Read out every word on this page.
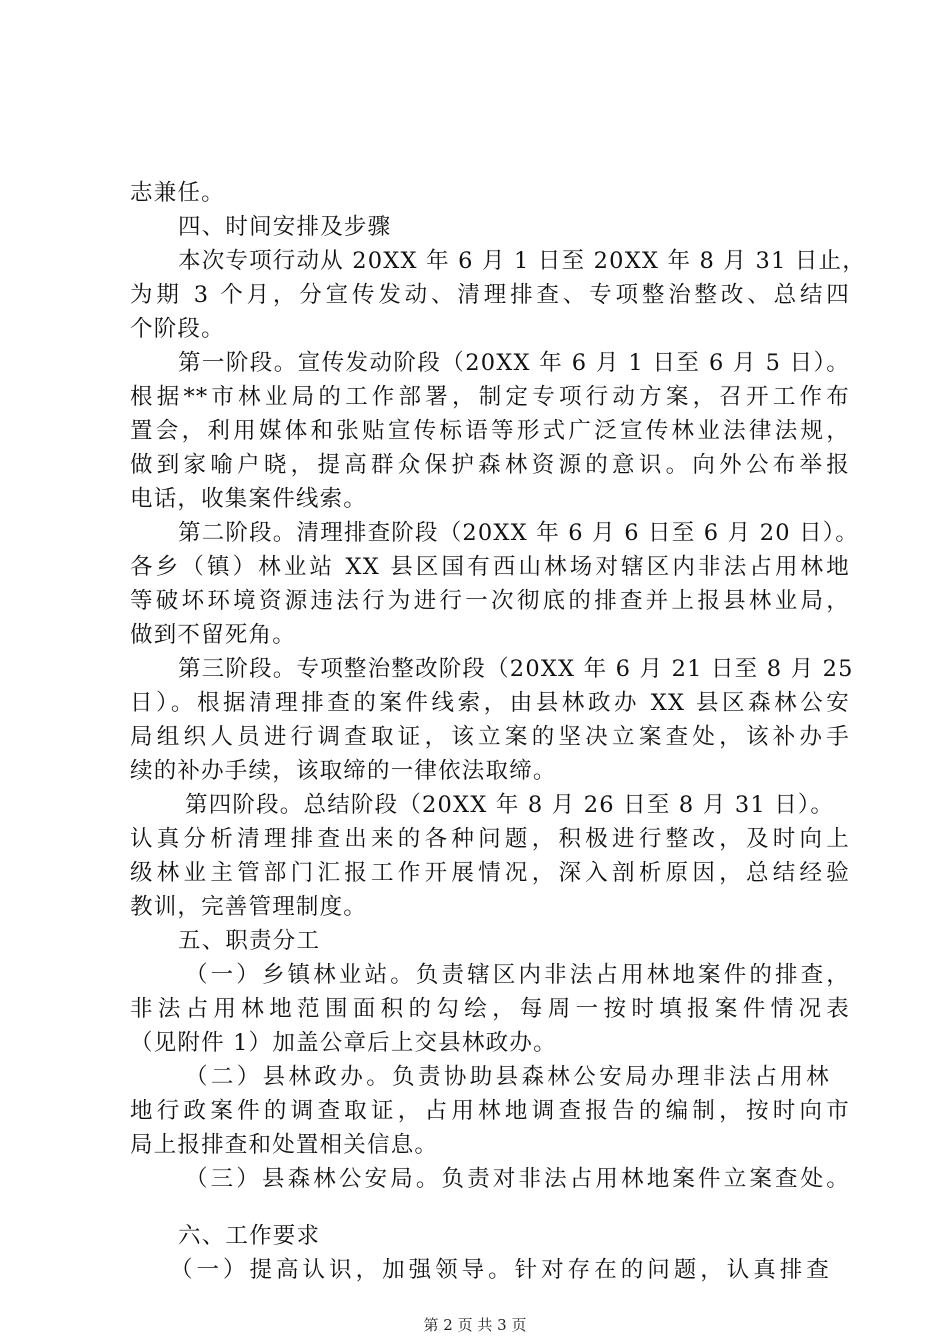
志兼任。
四、时间安排及步骤
本次专项行动从 20XX 年 6 月 1 日至 20XX 年 8 月 31 日止，
为期 3 个月，分宣传发动、清理排查、专项整治整改、总结四
个阶段。
第一阶段。宣传发动阶段（20XX 年 6 月 1 日至 6 月 5 日）。
根据**市林业局的工作部署，制定专项行动方案，召开工作布
置会，利用媒体和张贴宣传标语等形式广泛宣传林业法律法规，
做到家喻户晓，提高群众保护森林资源的意识。向外公布举报
电话，收集案件线索。
第二阶段。清理排查阶段（20XX 年 6 月 6 日至 6 月 20 日）。
各乡（镇）林业站 XX 县区国有西山林场对辖区内非法占用林地
等破坏环境资源违法行为进行一次彻底的排查并上报县林业局，
做到不留死角。
第三阶段。专项整治整改阶段（20XX 年 6 月 21 日至 8 月 25
日）。根据清理排查的案件线索，由县林政办 XX 县区森林公安
局组织人员进行调查取证，该立案的坚决立案查处，该补办手
续的补办手续，该取缔的一律依法取缔。
第四阶段。总结阶段（20XX 年 8 月 26 日至 8 月 31 日）。
认真分析清理排查出来的各种问题，积极进行整改，及时向上
级林业主管部门汇报工作开展情况，深入剖析原因，总结经验
教训，完善管理制度。
五、职责分工
（一）乡镇林业站。负责辖区内非法占用林地案件的排查，
非法占用林地范围面积的勾绘，每周一按时填报案件情况表
（见附件 1）加盖公章后上交县林政办。
（二）县林政办。负责协助县森林公安局办理非法占用林
地行政案件的调查取证，占用林地调查报告的编制，按时向市
局上报排查和处置相关信息。
（三）县森林公安局。负责对非法占用林地案件立案查处。
六、工作要求
（一）提高认识，加强领导。针对存在的问题，认真排查
第 2 页 共 3 页
